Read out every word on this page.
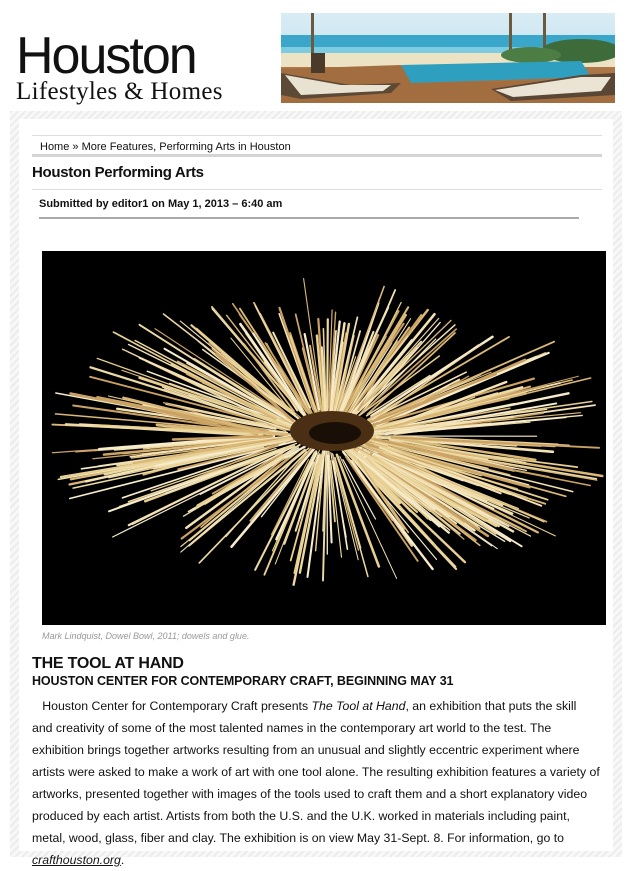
Houston
Lifestyles & Homes
Home » More Features, Performing Arts in Houston
Houston Performing Arts
Submitted by editor1 on May 1, 2013 – 6:40 am
Mark Lindquist, Dowel Bowl, 2011; dowels and glue.
THE TOOL AT HAND
HOUSTON CENTER FOR CONTEMPORARY CRAFT, BEGINNING MAY 31
Houston Center for Contemporary Craft presents The Tool at Hand, an exhibition that puts the skill and creativity of some of the most talented names in the contemporary art world to the test. The exhibition brings together artworks resulting from an unusual and slightly eccentric experiment where artists were asked to make a work of art with one tool alone. The resulting exhibition features a variety of artworks, presented together with images of the tools used to craft them and a short explanatory video produced by each artist. Artists from both the U.S. and the U.K. worked in materials including paint, metal, wood, glass, fiber and clay. The exhibition is on view May 31-Sept. 8. For information, go to crafthouston.org.
